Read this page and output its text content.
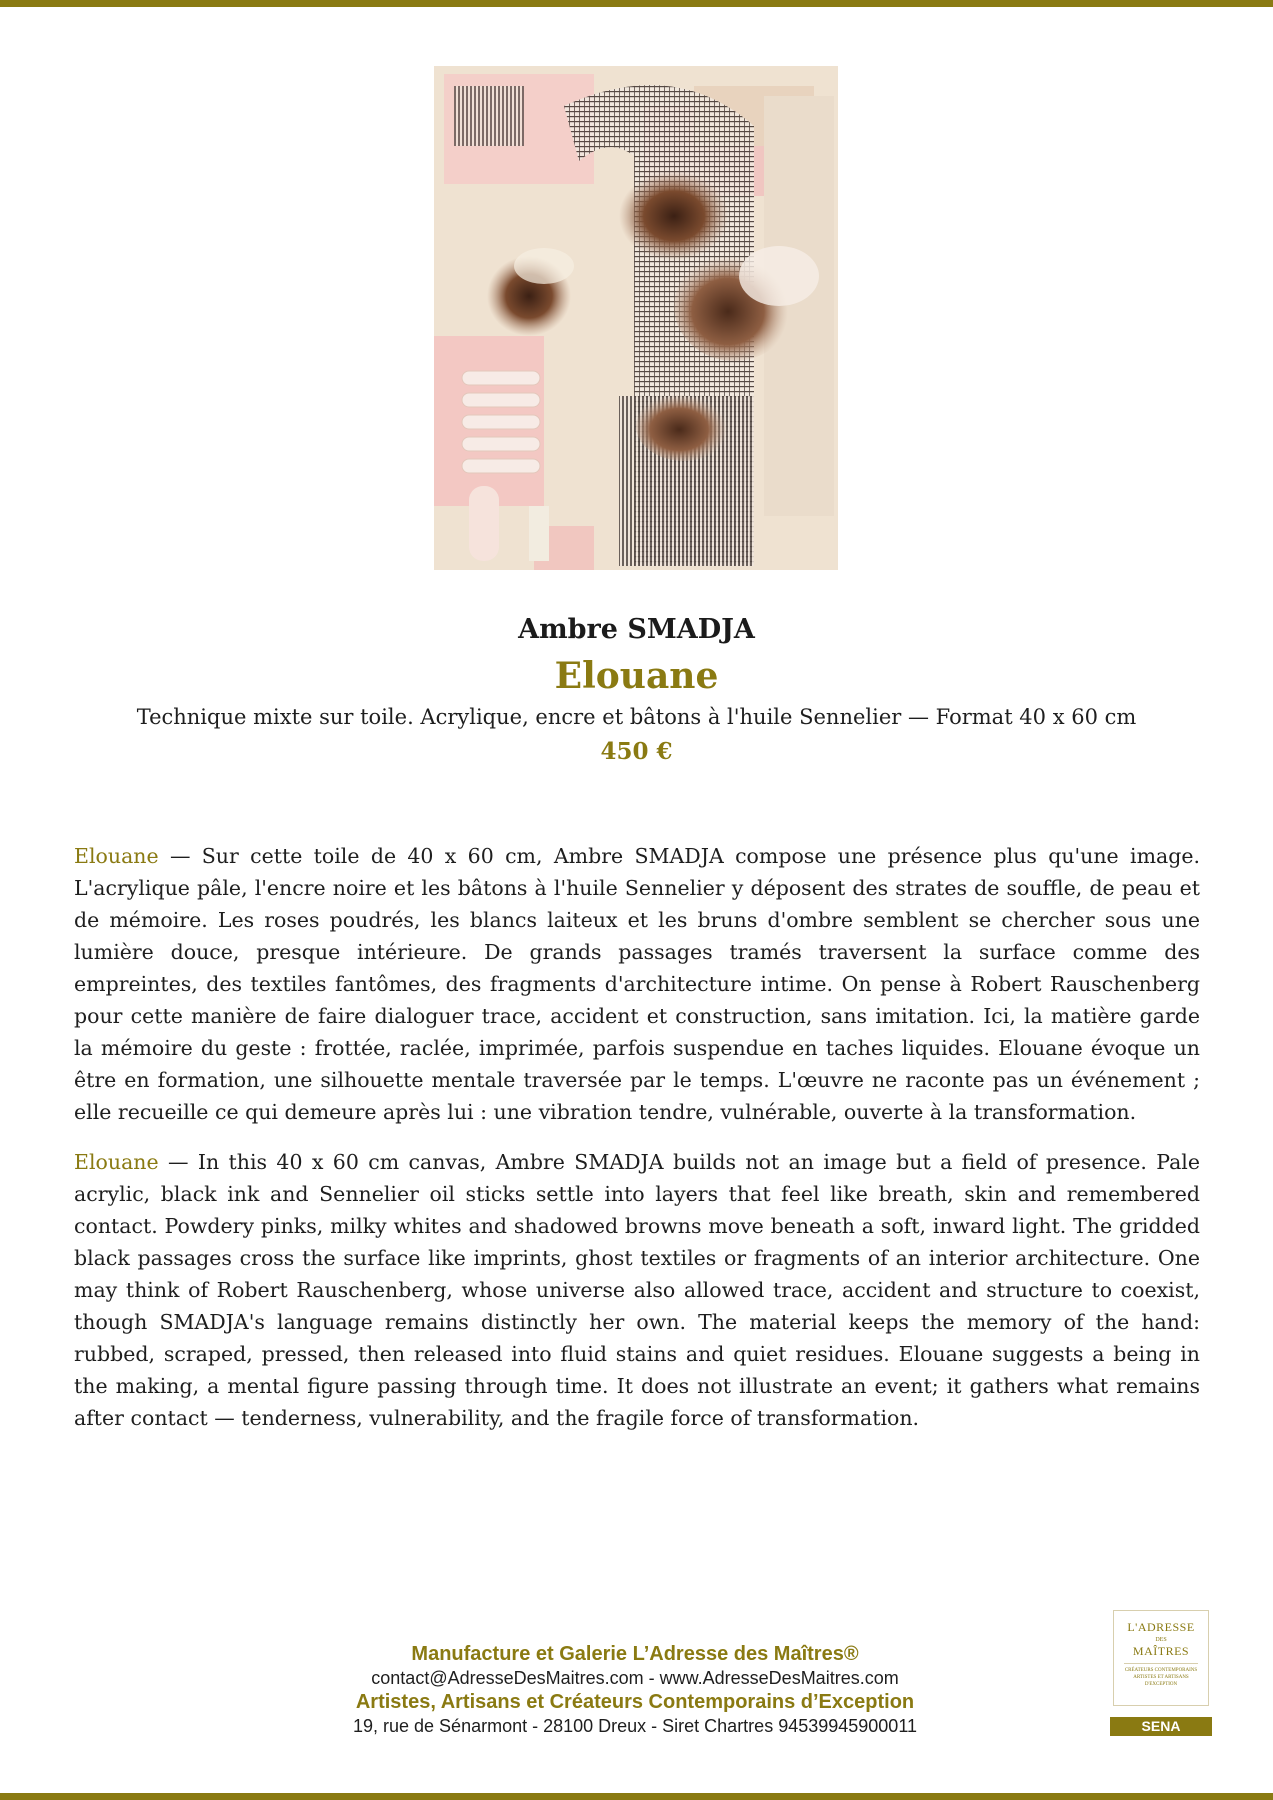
Ambre SMADJA
Elouane
Technique mixte sur toile. Acrylique, encre et bâtons à l'huile Sennelier — Format 40 x 60 cm
450 €

Elouane — Sur cette toile de 40 x 60 cm, Ambre SMADJA compose une présence plus qu'une image. L'acrylique pâle, l'encre noire et les bâtons à l'huile Sennelier y déposent des strates de souffle, de peau et de mémoire. Les roses poudrés, les blancs laiteux et les bruns d'ombre semblent se chercher sous une lumière douce, presque intérieure. De grands passages tramés traversent la surface comme des empreintes, des textiles fantômes, des fragments d'architecture intime. On pense à Robert Rauschenberg pour cette manière de faire dialoguer trace, accident et construction, sans imitation. Ici, la matière garde la mémoire du geste : frottée, raclée, imprimée, parfois suspendue en taches liquides. Elouane évoque un être en formation, une silhouette mentale traversée par le temps. L'œuvre ne raconte pas un événement ; elle recueille ce qui demeure après lui : une vibration tendre, vulnérable, ouverte à la transformation.

Elouane — In this 40 x 60 cm canvas, Ambre SMADJA builds not an image but a field of presence. Pale acrylic, black ink and Sennelier oil sticks settle into layers that feel like breath, skin and remembered contact. Powdery pinks, milky whites and shadowed browns move beneath a soft, inward light. The gridded black passages cross the surface like imprints, ghost textiles or fragments of an interior architecture. One may think of Robert Rauschenberg, whose universe also allowed trace, accident and structure to coexist, though SMADJA's language remains distinctly her own. The material keeps the memory of the hand: rubbed, scraped, pressed, then released into fluid stains and quiet residues. Elouane suggests a being in the making, a mental figure passing through time. It does not illustrate an event; it gathers what remains after contact — tenderness, vulnerability, and the fragile force of transformation.

Manufacture et Galerie L’Adresse des Maîtres®
contact@AdresseDesMaitres.com - www.AdresseDesMaitres.com
Artistes, Artisans et Créateurs Contemporains d’Exception
19, rue de Sénarmont - 28100 Dreux - Siret Chartres 94539945900011
L'ADRESSE
DES
MAÎTRES
CRÉATEURS CONTEMPORAINS ARTISTES ET ARTISANS D'EXCEPTION
SENA
